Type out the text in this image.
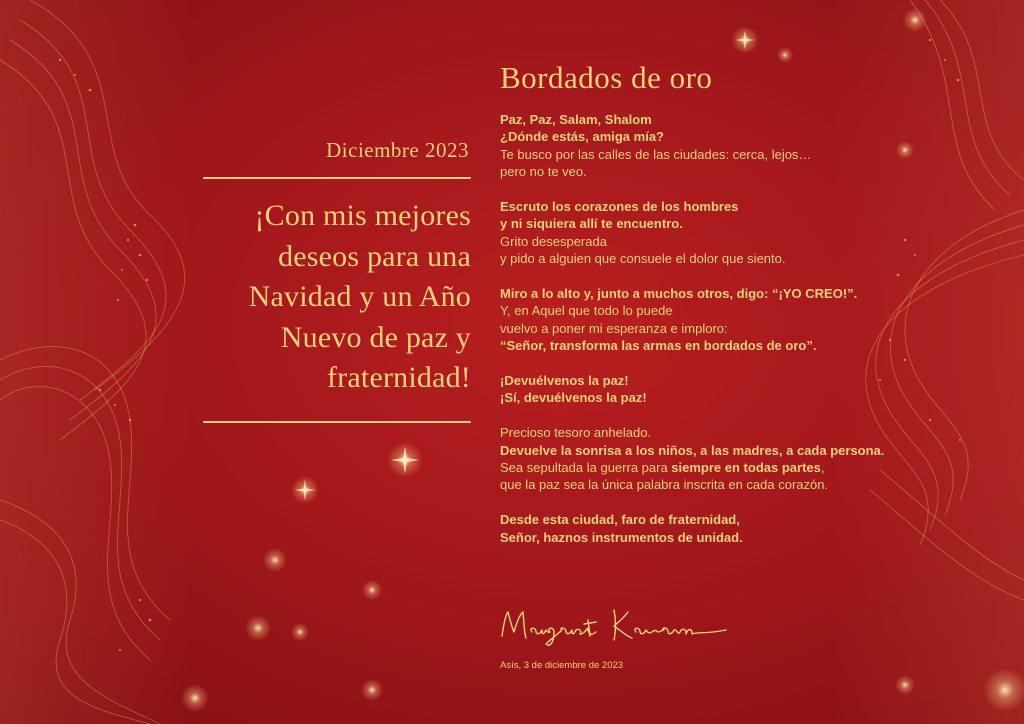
Diciembre 2023
¡Con mis mejores
deseos para una
Navidad y un Año
Nuevo de paz y
fraternidad!
Bordados de oro
Paz, Paz, Salam, Shalom
¿Dónde estás, amiga mía?
Te busco por las calles de las ciudades: cerca, lejos…
pero no te veo.
Escruto los corazones de los hombres
y ni siquiera allí te encuentro.
Grito desesperada
y pido a alguien que consuele el dolor que siento.
Miro a lo alto y, junto a muchos otros, digo: “¡YO CREO!”.
Y, en Aquel que todo lo puede
vuelvo a poner mi esperanza e imploro:
“Señor, transforma las armas en bordados de oro”.
¡Devuélvenos la paz!
¡Sí, devuélvenos la paz!
Precioso tesoro anhelado.
Devuelve la sonrisa a los niños, a las madres, a cada persona.
Sea sepultada la guerra para siempre en todas partes,
que la paz sea la única palabra inscrita en cada corazón.
Desde esta ciudad, faro de fraternidad,
Señor, haznos instrumentos de unidad.
Asís, 3 de diciembre de 2023
